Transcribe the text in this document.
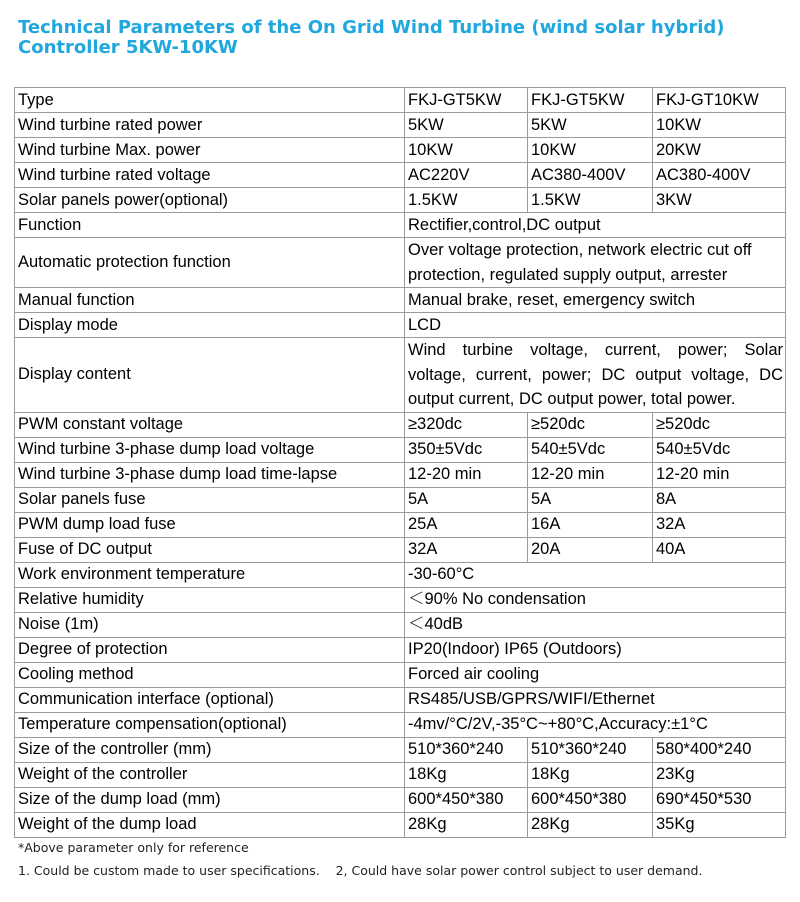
Technical Parameters of the On Grid Wind Turbine (wind solar hybrid) Controller 5KW-10KW
Type	FKJ-GT5KW	FKJ-GT5KW	FKJ-GT10KW
Wind turbine rated power	5KW	5KW	10KW
Wind turbine Max. power	10KW	10KW	20KW
Wind turbine rated voltage	AC220V	AC380-400V	AC380-400V
Solar panels power(optional)	1.5KW	1.5KW	3KW
Function	Rectifier,control,DC output		
Automatic protection function	Over voltage protection, network electric cut off protection, regulated supply output, arrester		
Manual function	Manual brake, reset, emergency switch		
Display mode	LCD		
Display content	Wind turbine voltage, current, power; Solar voltage, current, power; DC output voltage, DC output current, DC output power, total power.		
PWM constant voltage	≥320dc	≥520dc	≥520dc
Wind turbine 3-phase dump load voltage	350±5Vdc	540±5Vdc	540±5Vdc
Wind turbine 3-phase dump load time-lapse	12-20 min	12-20 min	12-20 min
Solar panels fuse	5A	5A	8A
PWM dump load fuse	25A	16A	32A
Fuse of DC output	32A	20A	40A
Work environment temperature	-30-60°C		
Relative humidity	＜90% No condensation		
Noise (1m)	＜40dB		
Degree of protection	IP20(Indoor) IP65 (Outdoors)		
Cooling method	Forced air cooling		
Communication interface (optional)	RS485/USB/GPRS/WIFI/Ethernet		
Temperature compensation(optional)	-4mv/°C/2V,-35°C~+80°C,Accuracy:±1°C		
Size of the controller (mm)	510*360*240	510*360*240	580*400*240
Weight of the controller	18Kg	18Kg	23Kg
Size of the dump load (mm)	600*450*380	600*450*380	690*450*530
Weight of the dump load	28Kg	28Kg	35Kg
*Above parameter only for reference
1. Could be custom made to user specifications.    2, Could have solar power control subject to user demand.
